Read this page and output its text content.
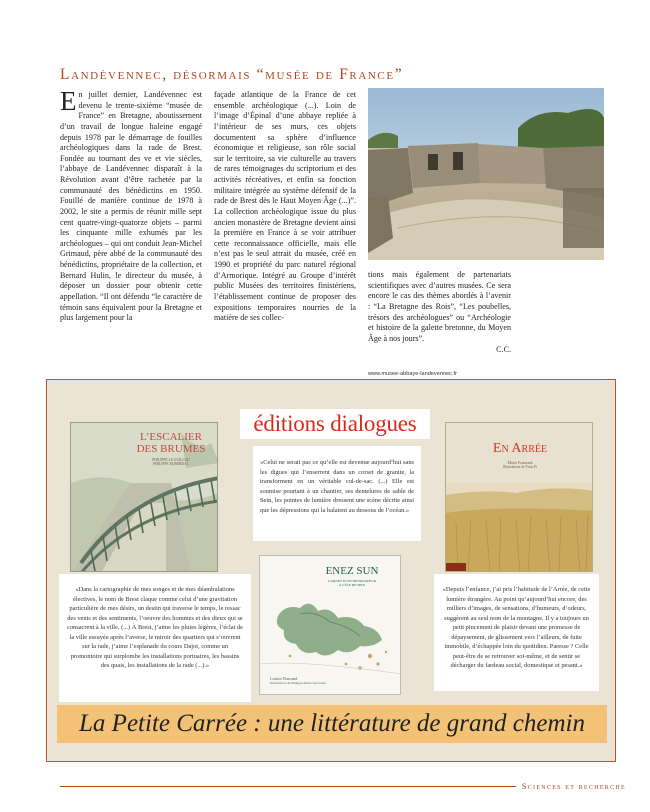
Landévennec, désormais “musée de France”
E n juillet dernier, Landévennec est devenu le trente-sixième “musée de France” en Bretagne, aboutissement d’un travail de longue haleine engagé depuis 1978 par le démarrage de fouilles archéologiques dans la rade de Brest. Fondée au tournant des ve et vie siècles, l’abbaye de Landévennec disparaît à la Révolution avant d’être rachetée par la communauté des bénédictins en 1950. Fouillé de manière continue de 1978 à 2002, le site a permis de réunir mille sept cent quatre-vingt-quatorze objets – parmi les cinquante mille exhumés par les archéologues – qui ont conduit Jean-Michel Grimaud, père abbé de la communauté des bénédictins, propriétaire de la collection, et Bernard Hulin, le directeur du musée, à déposer un dossier pour obtenir cette appellation. “Il ont défendu “le caractère de témoin sans équivalent pour la Bretagne et plus largement pour la

façade atlantique de la France de cet ensemble archéologique (...). Loin de l’image d’Épinal d’une abbaye repliée à l’intérieur de ses murs, ces objets documentent sa sphère d’influence économique et religieuse, son rôle social sur le territoire, sa vie culturelle au travers de rares témoignages du scriptorium et des activités récréatives, et enfin sa fonction militaire intégrée au système défensif de la rade de Brest dès le Haut Moyen Âge (...)”. La collection archéologique issue du plus ancien monastère de Bretagne devient ainsi la première en France à se voir attribuer cette reconnaissance officielle, mais elle n’est pas le seul attrait du musée, créé en 1990 et propriété du parc naturel régional d’Armorique. Intégré au Groupe d’intérêt public Musées des territoires finistériens, l’établissement continue de proposer des expositions temporaires nourries de la matière de ses collec-

tions mais également de partenariats scientifiques avec d’autres musées. Ce sera encore le cas des thèmes abordés à l’avenir : “La Bretagne des Rois”, “Les poubelles, trésors des archéologues” ou “Archéologie et histoire de la galette bretonne, du Moyen Âge à nos jours”.

C.C.
www.musee-abbaye-landevennec.fr
éditions dialogues
L’ESCALIER
DES BRUMES
PHILIPPE LE GUILLOU
PHILIPPE ROBERDAL	«Celui ne serait pas ce qu’elle est devenue aujourd’hui sans les digues qui l’enserrent dans un corset de granite, la transforment en un véritable cul-de-sac. (...) Elle est soumise pourtant à un chantier, ses dentelures de sable de Sein, les pointes de lumière dressent une scène décrite ainsi que les dépressions qui la balaient au dessous de l’océan.»
En Arrée
Marie Framond
Illustrations de Yvon Pi
ENEZ SUN
CARNET D’UN DESSINATEUR
À L’ÎLE DE SEIN
Louise Barrand
Illustrations de Philippe-Marie Gervenan
«Dans la cartographie de mes songes et de mes déambulations électives, le nom de Brest claque comme celui d’une gravitation particulière de mes désirs, un destin qui traverse le temps, le ressac des vents et des sentiments, l’oeuvre des hommes et des dieux qui se consacrent à la ville. (...) À Brest, j’aime les pluies légères, l’éclat de la ville essuyée après l’averse, le miroir des quartiers qui s’ouvrent sur la rade, j’aime l’esplanade du cours Dajot, comme un promontoire qui surplombe les installations portuaires, les bassins des quais, les installations de la rade (...).»
«Depuis l’enfance, j’ai pris l’habitude de l’Arrée, de cette lumière étrangère. Au point qu’aujourd’hui encore, des milliers d’images, de sensations, d’humeurs, d’odeurs, suggèrent au seul nom de la montagne. Il y a toujours un petit pincement de plaisir devant une promesse de dépaysement, de glissement vers l’ailleurs, de fuite immobile, d’échappée loin du quotidien. Paresse ? Celle peut-être de se retrouver soi-même, et de sentir se décharger du fardeau social, domestique et pesant.»
La Petite Carrée : une littérature de grand chemin
Sciences et recherche
